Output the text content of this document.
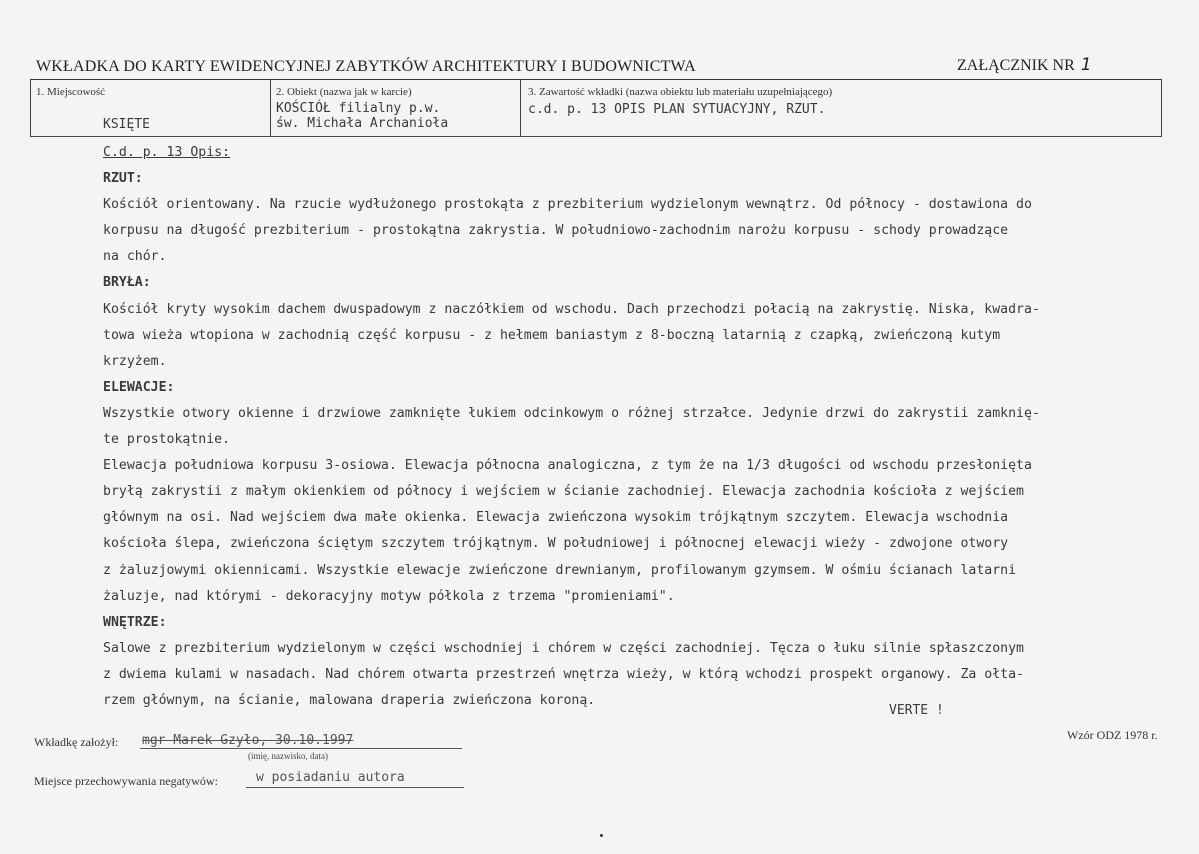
WKŁADKA DO KARTY EWIDENCYJNEJ ZABYTKÓW ARCHITEKTURY I BUDOWNICTWA	ZAŁĄCZNIK NR 1
1. Miejscowość
KSIĘTE
2. Obiekt (nazwa jak w karcie)
KOŚCIÓŁ filialny p.w.
św. Michała Archanioła
3. Zawartość wkładki (nazwa obiektu lub materiału uzupełniającego)
c.d. p. 13 OPIS PLAN SYTUACYJNY, RZUT.
C.d. p. 13 Opis:
RZUT:
Kościół orientowany. Na rzucie wydłużonego prostokąta z prezbiterium wydzielonym wewnątrz. Od północy - dostawiona do
korpusu na długość prezbiterium - prostokątna zakrystia. W południowo-zachodnim narożu korpusu - schody prowadzące
na chór.
BRYŁA:
Kościół kryty wysokim dachem dwuspadowym z naczółkiem od wschodu. Dach przechodzi połacią na zakrystię. Niska, kwadra-
towa wieża wtopiona w zachodnią część korpusu - z hełmem baniastym z 8-boczną latarnią z czapką, zwieńczoną kutym
krzyżem.
ELEWACJE:
Wszystkie otwory okienne i drzwiowe zamknięte łukiem odcinkowym o różnej strzałce. Jedynie drzwi do zakrystii zamknię-
te prostokątnie.
Elewacja południowa korpusu 3-osiowa. Elewacja północna analogiczna, z tym że na 1/3 długości od wschodu przesłonięta
bryłą zakrystii z małym okienkiem od północy i wejściem w ścianie zachodniej. Elewacja zachodnia kościoła z wejściem
głównym na osi. Nad wejściem dwa małe okienka. Elewacja zwieńczona wysokim trójkątnym szczytem. Elewacja wschodnia
kościoła ślepa, zwieńczona ściętym szczytem trójkątnym. W południowej i północnej elewacji wieży - zdwojone otwory
z żaluzjowymi okiennicami. Wszystkie elewacje zwieńczone drewnianym, profilowanym gzymsem. W ośmiu ścianach latarni
żaluzje, nad którymi - dekoracyjny motyw półkola z trzema "promieniami".
WNĘTRZE:
Salowe z prezbiterium wydzielonym w części wschodniej i chórem w części zachodniej. Tęcza o łuku silnie spłaszczonym
z dwiema kulami w nasadach. Nad chórem otwarta przestrzeń wnętrza wieży, w którą wchodzi prospekt organowy. Za ołta-
rzem głównym, na ścianie, malowana draperia zwieńczona koroną.
VERTE !
Wkładkę założył: mgr Marek Gzyło, 30.10.1997
(imię, nazwisko, data)
Miejsce przechowywania negatywów:	w posiadaniu autora
Wzór ODZ 1978 r.
